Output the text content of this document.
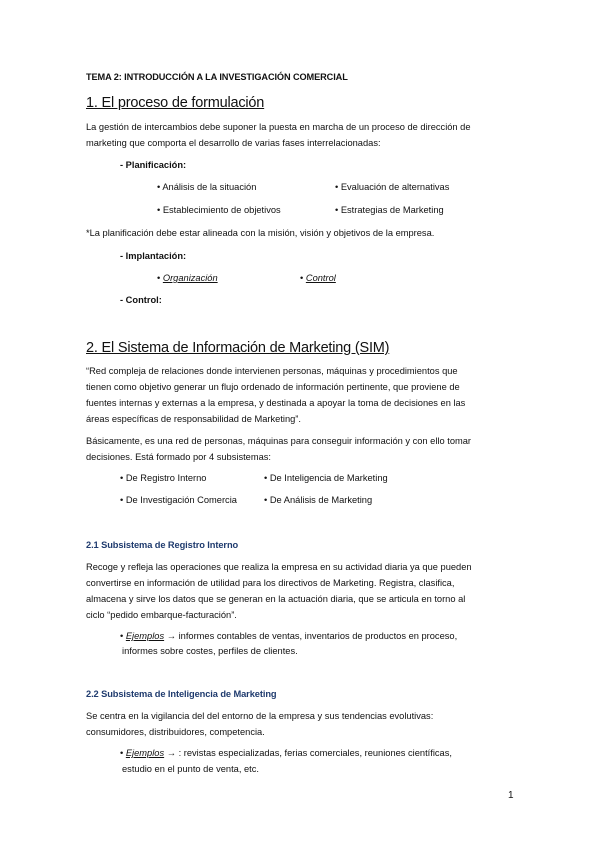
TEMA 2: INTRODUCCIÓN A LA INVESTIGACIÓN COMERCIAL
1. El proceso de formulación
La gestión de intercambios debe suponer la puesta en marcha de un proceso de dirección de
marketing que comporta el desarrollo de varias fases interrelacionadas:
- Planificación:
• Análisis de la situación	• Evaluación de alternativas
• Establecimiento de objetivos	• Estrategias de Marketing
*La planificación debe estar alineada con la misión, visión y objetivos de la empresa.
- Implantación:
• Organización	• Control
- Control:
2. El Sistema de Información de Marketing (SIM)
“Red compleja de relaciones donde intervienen personas, máquinas y procedimientos que
tienen como objetivo generar un flujo ordenado de información pertinente, que proviene de
fuentes internas y externas a la empresa, y destinada a apoyar la toma de decisiones en las
áreas específicas de responsabilidad de Marketing”.
Básicamente, es una red de personas, máquinas para conseguir información y con ello tomar
decisiones. Está formado por 4 subsistemas:
• De Registro Interno	• De Inteligencia de Marketing
• De Investigación Comercia	• De Análisis de Marketing
2.1 Subsistema de Registro Interno
Recoge y refleja las operaciones que realiza la empresa en su actividad diaria ya que pueden
convertirse en información de utilidad para los directivos de Marketing. Registra, clasifica,
almacena y sirve los datos que se generan en la actuación diaria, que se articula en torno al
ciclo “pedido embarque-facturación”.
• Ejemplos → informes contables de ventas, inventarios de productos en proceso,
informes sobre costes, perfiles de clientes.
2.2 Subsistema de Inteligencia de Marketing
Se centra en la vigilancia del del entorno de la empresa y sus tendencias evolutivas:
consumidores, distribuidores, competencia.
• Ejemplos → : revistas especializadas, ferias comerciales, reuniones científicas,
estudio en el punto de venta, etc.
1
